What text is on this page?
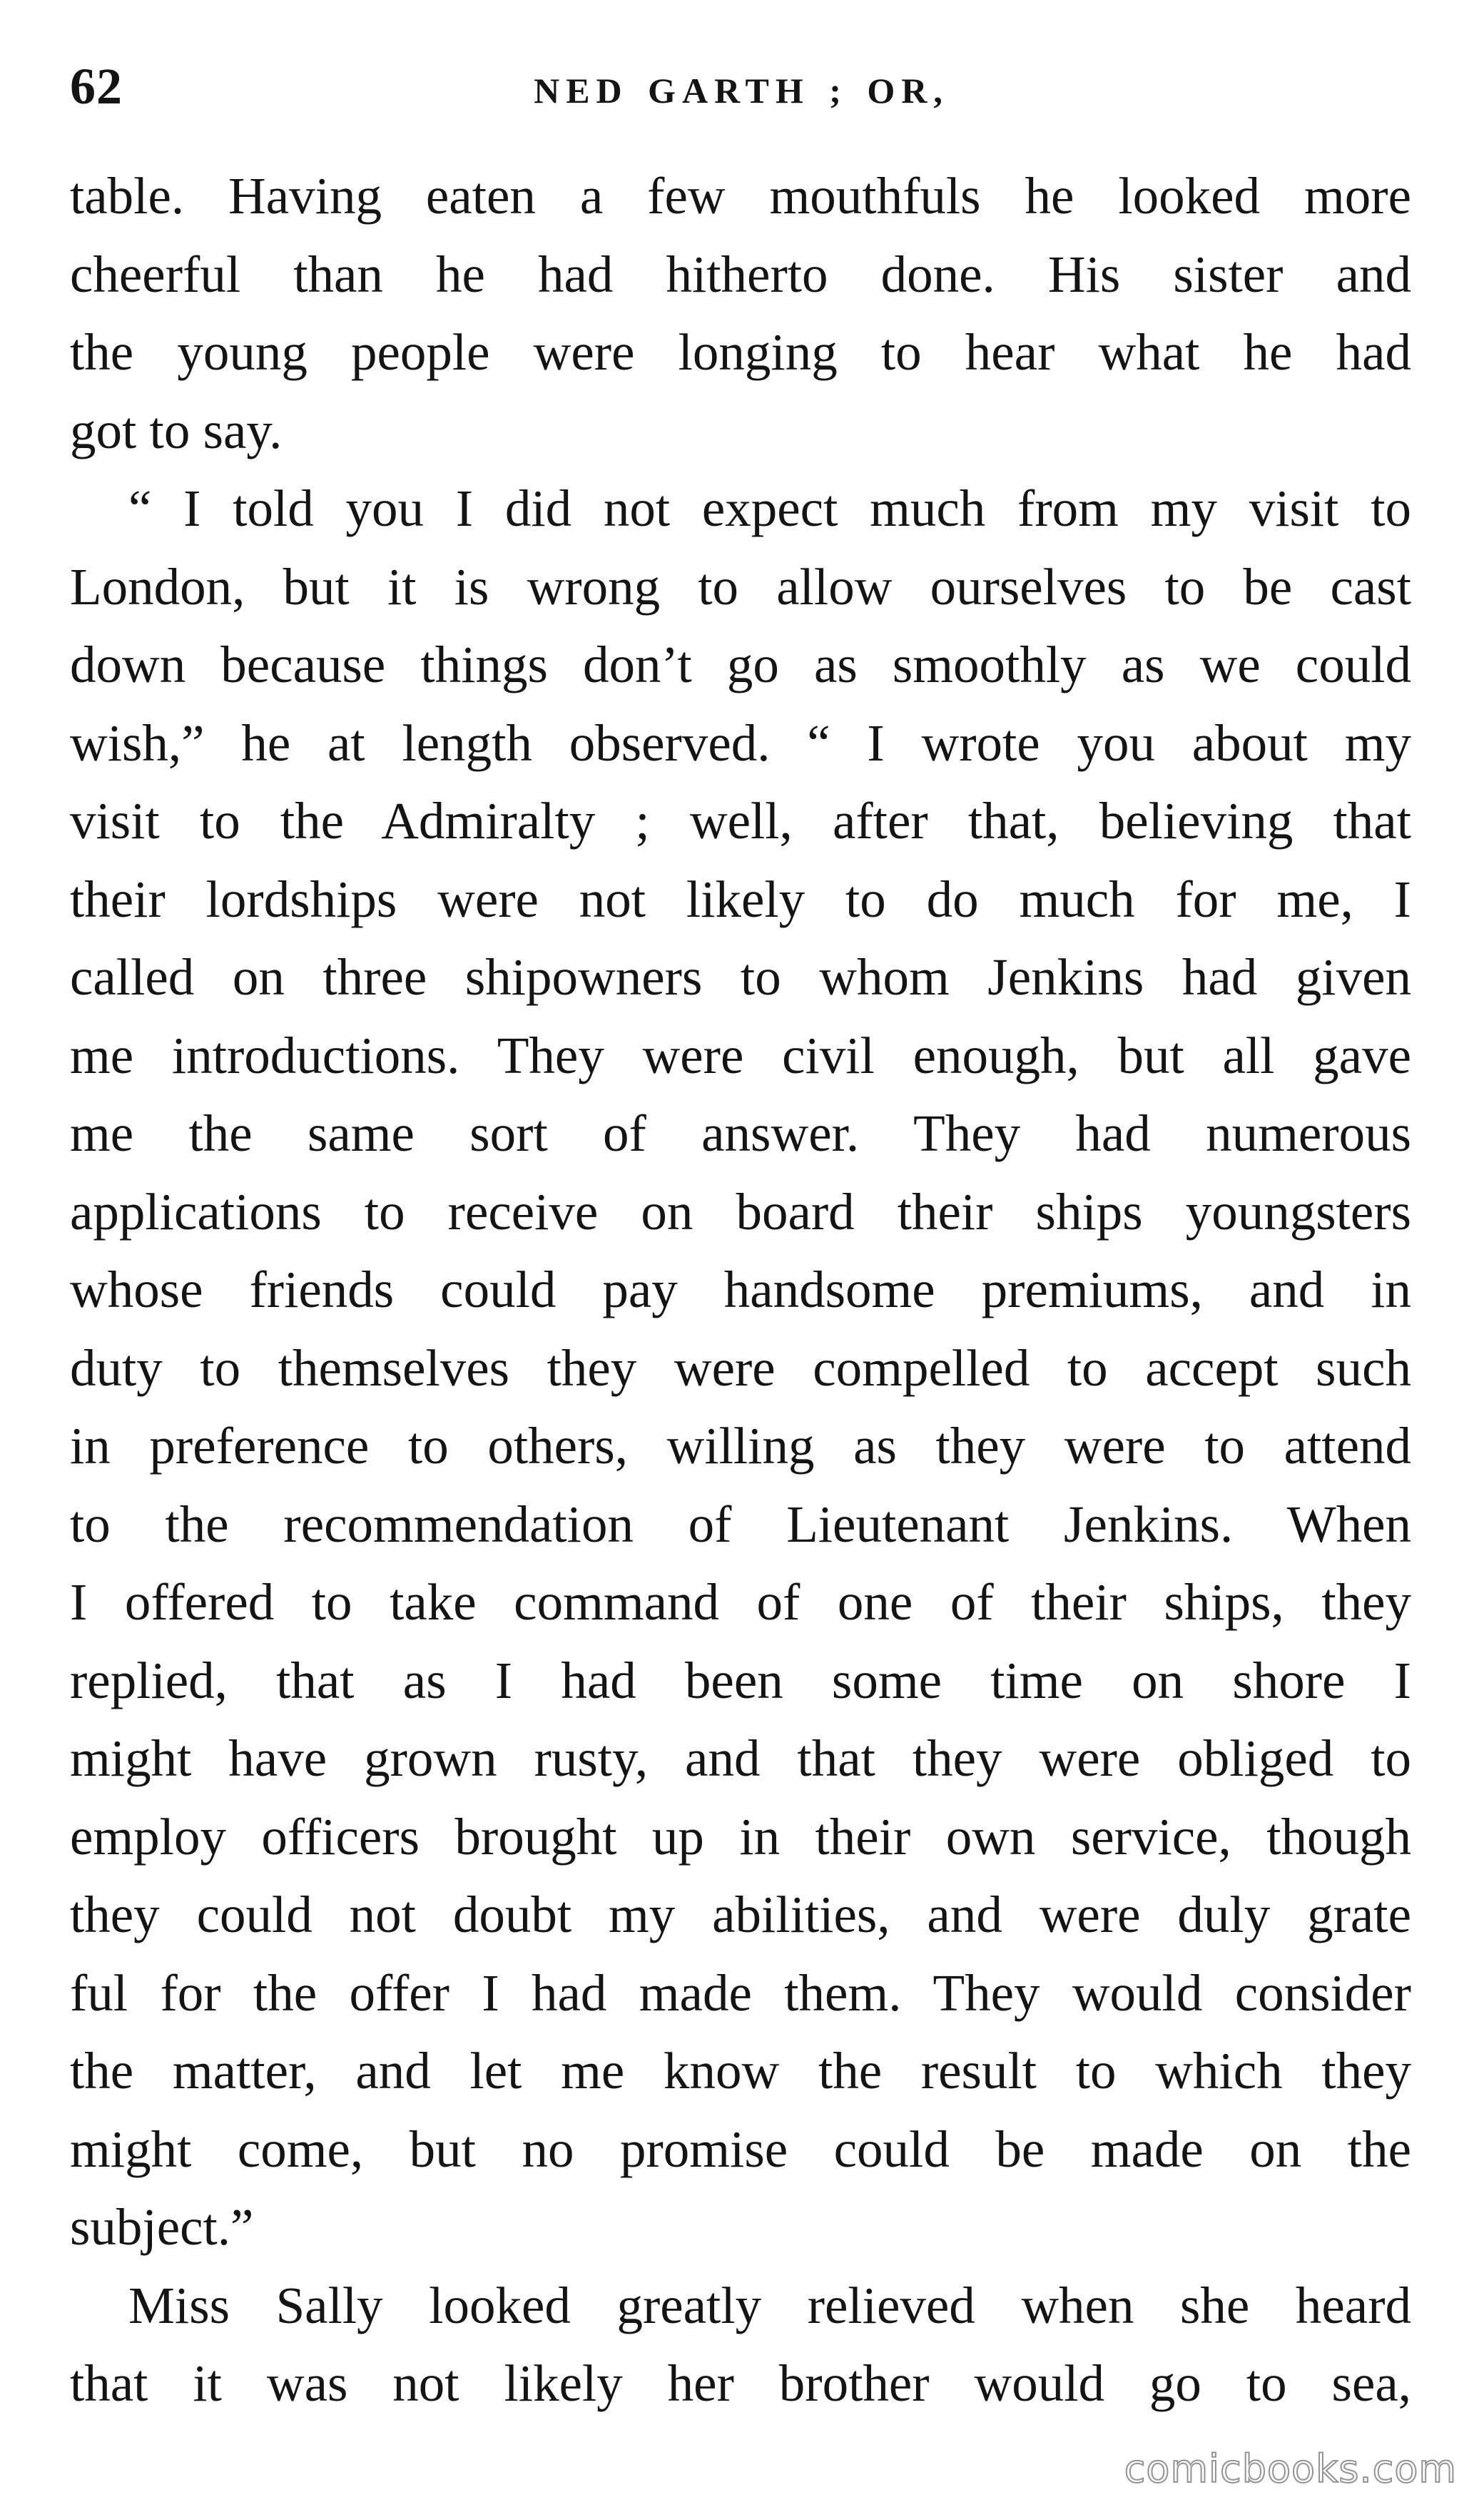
62	NED GARTH ; OR,

table. Having eaten a few mouthfuls he looked more
cheerful than he had hitherto done. His sister and
the young people were longing to hear what he had
got to say.

“ I told you I did not expect much from my visit to
London, but it is wrong to allow ourselves to be cast
down because things don’t go as smoothly as we could
wish,” he at length observed. “ I wrote you about my
visit to the Admiralty ; well, after that, believing that
their lordships were not likely to do much for me, I
called on three shipowners to whom Jenkins had given
me introductions. They were civil enough, but all gave
me the same sort of answer. They had numerous
applications to receive on board their ships youngsters
whose friends could pay handsome premiums, and in
duty to themselves they were compelled to accept such
in preference to others, willing as they were to attend
to the recommendation of Lieutenant Jenkins. When
I offered to take command of one of their ships, they
replied, that as I had been some time on shore I
might have grown rusty, and that they were obliged to
employ officers brought up in their own service, though
they could not doubt my abilities, and were duly grate
ful for the offer I had made them. They would consider
the matter, and let me know the result to which they
might come, but no promise could be made on the
subject.”

Miss Sally looked greatly relieved when she heard
that it was not likely her brother would go to sea,

comicbooks.com
